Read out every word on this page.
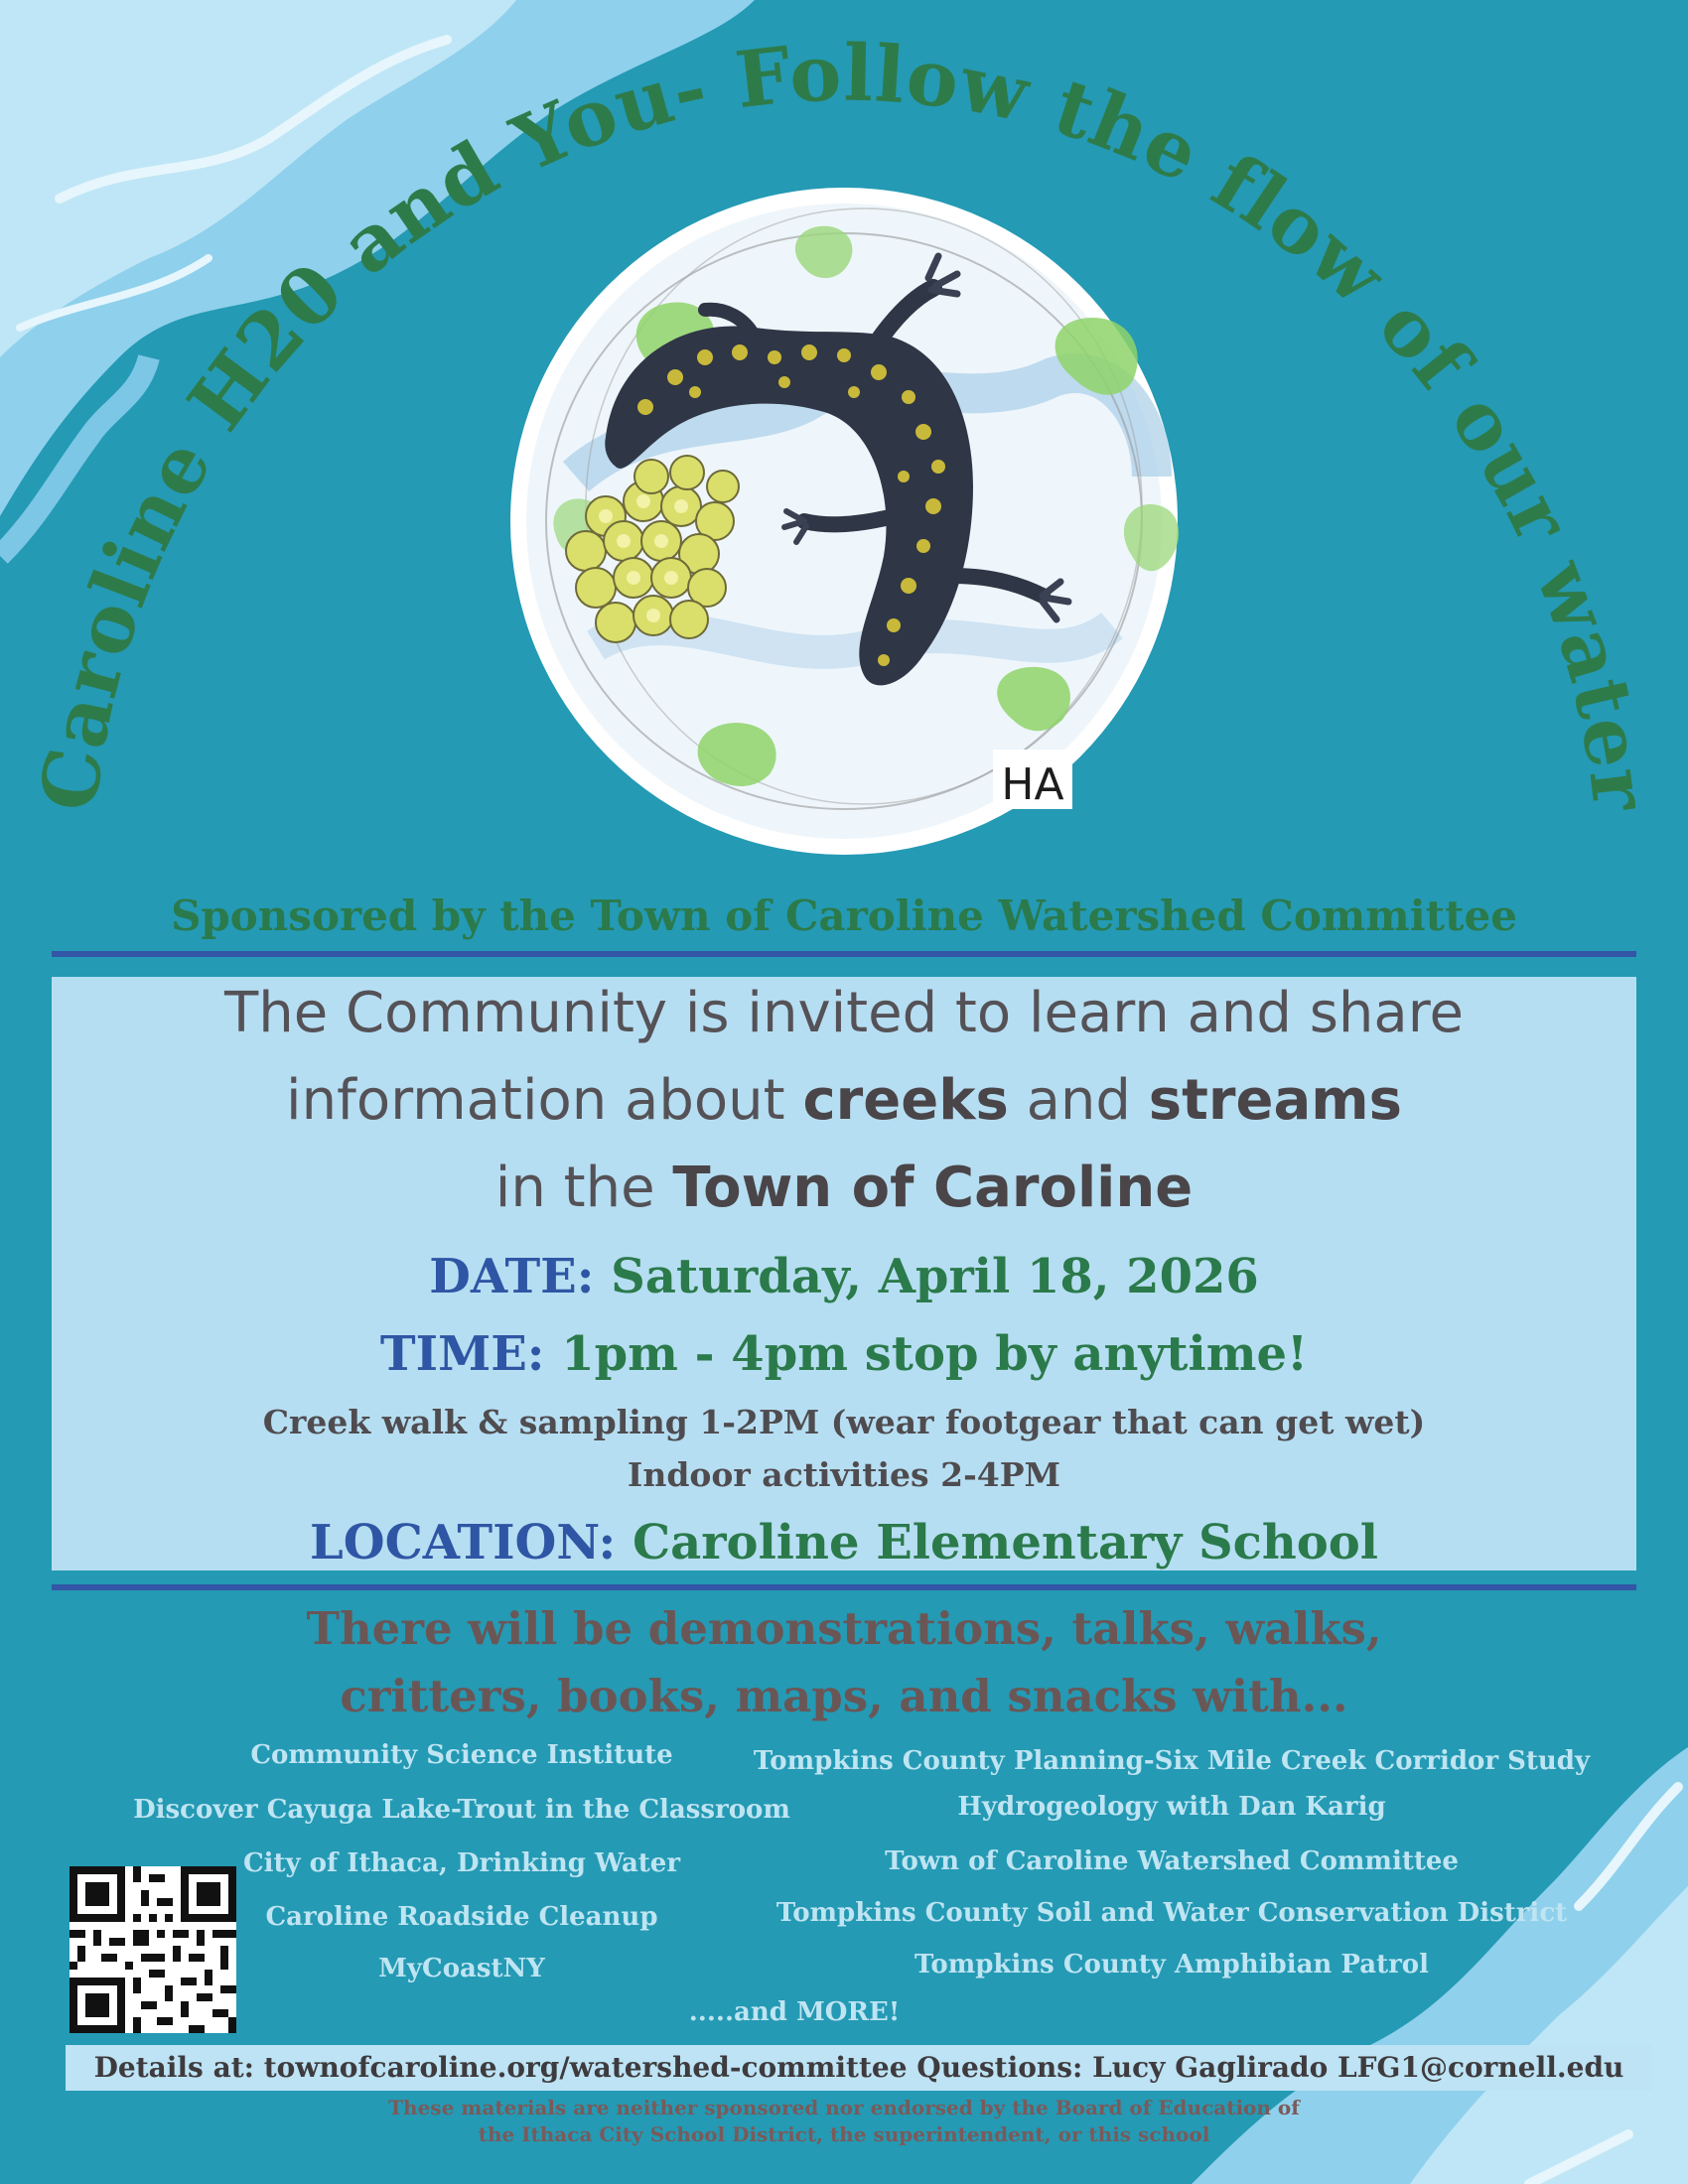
Caroline H20 and You- Follow the flow of our water
HA
Sponsored by the Town of Caroline Watershed Committee
The Community is invited to learn and share
information about creeks and streams
in the Town of Caroline
DATE: Saturday, April 18, 2026
TIME: 1pm - 4pm stop by anytime!
Creek walk & sampling 1-2PM (wear footgear that can get wet)
Indoor activities 2-4PM
LOCATION: Caroline Elementary School
There will be demonstrations, talks, walks,
critters, books, maps, and snacks with...
Community Science Institute
Discover Cayuga Lake-Trout in the Classroom
City of Ithaca, Drinking Water
Caroline Roadside Cleanup
MyCoastNY
Tompkins County Planning-Six Mile Creek Corridor Study
Hydrogeology with Dan Karig
Town of Caroline Watershed Committee
Tompkins County Soil and Water Conservation District
Tompkins County Amphibian Patrol
.....and MORE!
Details at: townofcaroline.org/watershed-committee Questions: Lucy Gaglirado LFG1@cornell.edu
These materials are neither sponsored nor endorsed by the Board of Education of
the Ithaca City School District, the superintendent, or this school
